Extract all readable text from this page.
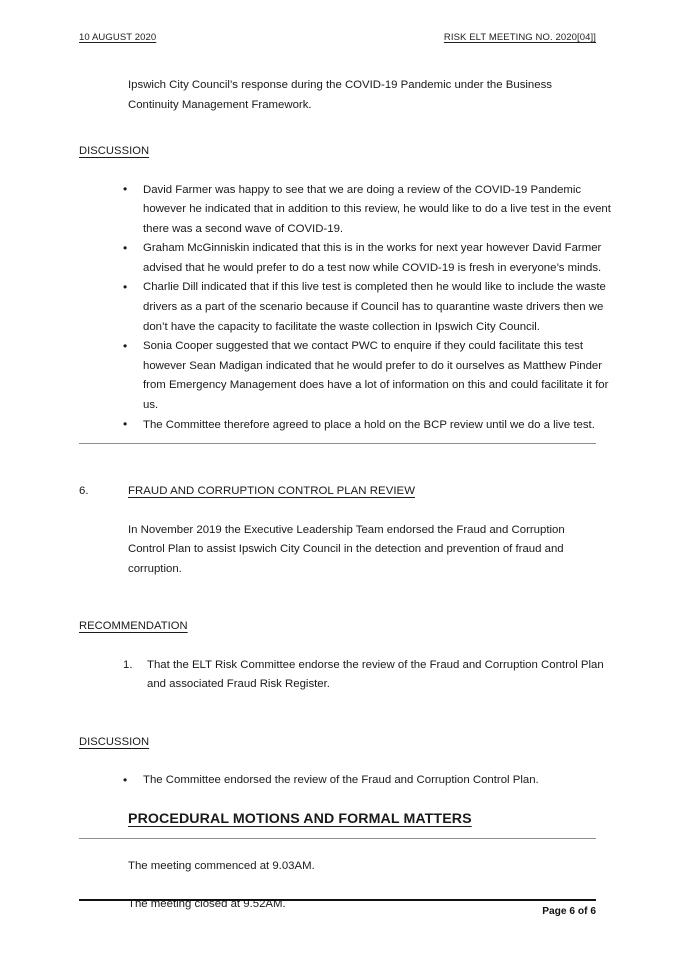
10 AUGUST 2020	RISK ELT MEETING NO. 2020[04]]

Ipswich City Council’s response during the COVID-19 Pandemic under the Business Continuity Management Framework.

DISCUSSION

• David Farmer was happy to see that we are doing a review of the COVID-19 Pandemic however he indicated that in addition to this review, he would like to do a live test in the event there was a second wave of COVID-19.
• Graham McGinniskin indicated that this is in the works for next year however David Farmer advised that he would prefer to do a test now while COVID-19 is fresh in everyone’s minds.
• Charlie Dill indicated that if this live test is completed then he would like to include the waste drivers as a part of the scenario because if Council has to quarantine waste drivers then we don’t have the capacity to facilitate the waste collection in Ipswich City Council.
• Sonia Cooper suggested that we contact PWC to enquire if they could facilitate this test however Sean Madigan indicated that he would prefer to do it ourselves as Matthew Pinder from Emergency Management does have a lot of information on this and could facilitate it for us.
• The Committee therefore agreed to place a hold on the BCP review until we do a live test.
6.	FRAUD AND CORRUPTION CONTROL PLAN REVIEW

In November 2019 the Executive Leadership Team endorsed the Fraud and Corruption Control Plan to assist Ipswich City Council in the detection and prevention of fraud and corruption.

RECOMMENDATION

That the ELT Risk Committee endorse the review of the Fraud and Corruption Control Plan and associated Fraud Risk Register.

DISCUSSION

• The Committee endorsed the review of the Fraud and Corruption Control Plan.

PROCEDURAL MOTIONS AND FORMAL MATTERS

The meeting commenced at 9.03AM.

The meeting closed at 9.52AM.

Page 6 of 6
